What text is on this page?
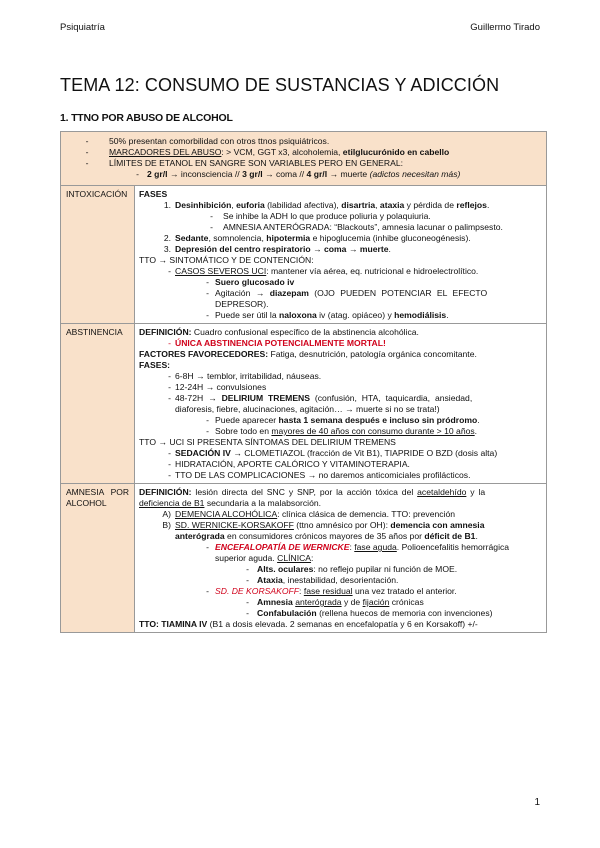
Psiquiatría	Guillermo Tirado
TEMA 12: CONSUMO DE SUSTANCIAS Y ADICCIÓN
1. TTNO POR ABUSO DE ALCOHOL
-	50% presentan comorbilidad con otros ttnos psiquiátricos.
-	MARCADORES DEL ABUSO: > VCM, GGT x3, alcoholemia, etilglucurónido en cabello
-	LÍMITES DE ETANOL EN SANGRE SON VARIABLES PERO EN GENERAL:
- 2 gr/l → inconsciencia // 3 gr/l → coma // 4 gr/l → muerte (adictos necesitan más)
INTOXICACIÓN	FASES
1. Desinhibición, euforia (labilidad afectiva), disartria, ataxia y pérdida de reflejos.
-	Se inhibe la ADH lo que produce poliuria y polaquiuria.
-	AMNESIA ANTERÓGRADA: “Blackouts”, amnesia lacunar o palimpsesto.
2. Sedante, somnolencia, hipotermia e hipoglucemia (inhibe gluconeogénesis).
3. Depresión del centro respiratorio → coma → muerte.
TTO → SINTOMÁTICO Y DE CONTENCIÓN:
- CASOS SEVEROS UCI: mantener vía aérea, eq. nutricional e hidroelectrolítico.
- Suero glucosado iv
- Agitación → diazepam (OJO PUEDEN POTENCIAR EL EFECTO
DEPRESOR).
- Puede ser útil la naloxona iv (atag. opiáceo) y hemodiálisis.
ABSTINENCIA	DEFINICIÓN: Cuadro confusional específico de la abstinencia alcohólica.
- ÚNICA ABSTINENCIA POTENCIALMENTE MORTAL!
FACTORES FAVORECEDORES: Fatiga, desnutrición, patología orgánica concomitante.
FASES:
- 6-8H → temblor, irritabilidad, náuseas.
- 12-24H → convulsiones
- 48-72H → DELIRIUM TREMENS (confusión, HTA, taquicardia, ansiedad,
diaforesis, fiebre, alucinaciones, agitación… → muerte si no se trata!)
- Puede aparecer hasta 1 semana después e incluso sin pródromo.
- Sobre todo en mayores de 40 años con consumo durante > 10 años.
TTO → UCI SI PRESENTA SÍNTOMAS DEL DELIRIUM TREMENS
- SEDACIÓN IV → CLOMETIAZOL (fracción de Vit B1), TIAPRIDE O BZD (dosis alta)
- HIDRATACIÓN, APORTE CALÓRICO Y VITAMINOTERAPIA.
- TTO DE LAS COMPLICACIONES → no daremos anticomiciales profilácticos.
AMNESIA POR ALCOHOL
DEFINICIÓN: lesión directa del SNC y SNP, por la acción tóxica del acetaldehído y la
deficiencia de B1 secundaria a la malabsorción.
A) DEMENCIA ALCOHÓLICA: clínica clásica de demencia. TTO: prevención
B) SD. WERNICKE-KORSAKOFF (ttno amnésico por OH): demencia con amnesia
anterógrada en consumidores crónicos mayores de 35 años por déficit de B1.
- ENCEFALOPATÍA DE WERNICKE: fase aguda. Polioencefalitis hemorrágica
superior aguda. CLÍNICA:
- Alts. oculares: no reflejo pupilar ni función de MOE.
- Ataxia, inestabilidad, desorientación.
- SD. DE KORSAKOFF: fase residual una vez tratado el anterior.
- Amnesia anterógrada y de fijación crónicas
- Confabulación (rellena huecos de memoria con invenciones)
TTO: TIAMINA IV (B1 a dosis elevada. 2 semanas en encefalopatía y 6 en Korsakoff) +/-
1
